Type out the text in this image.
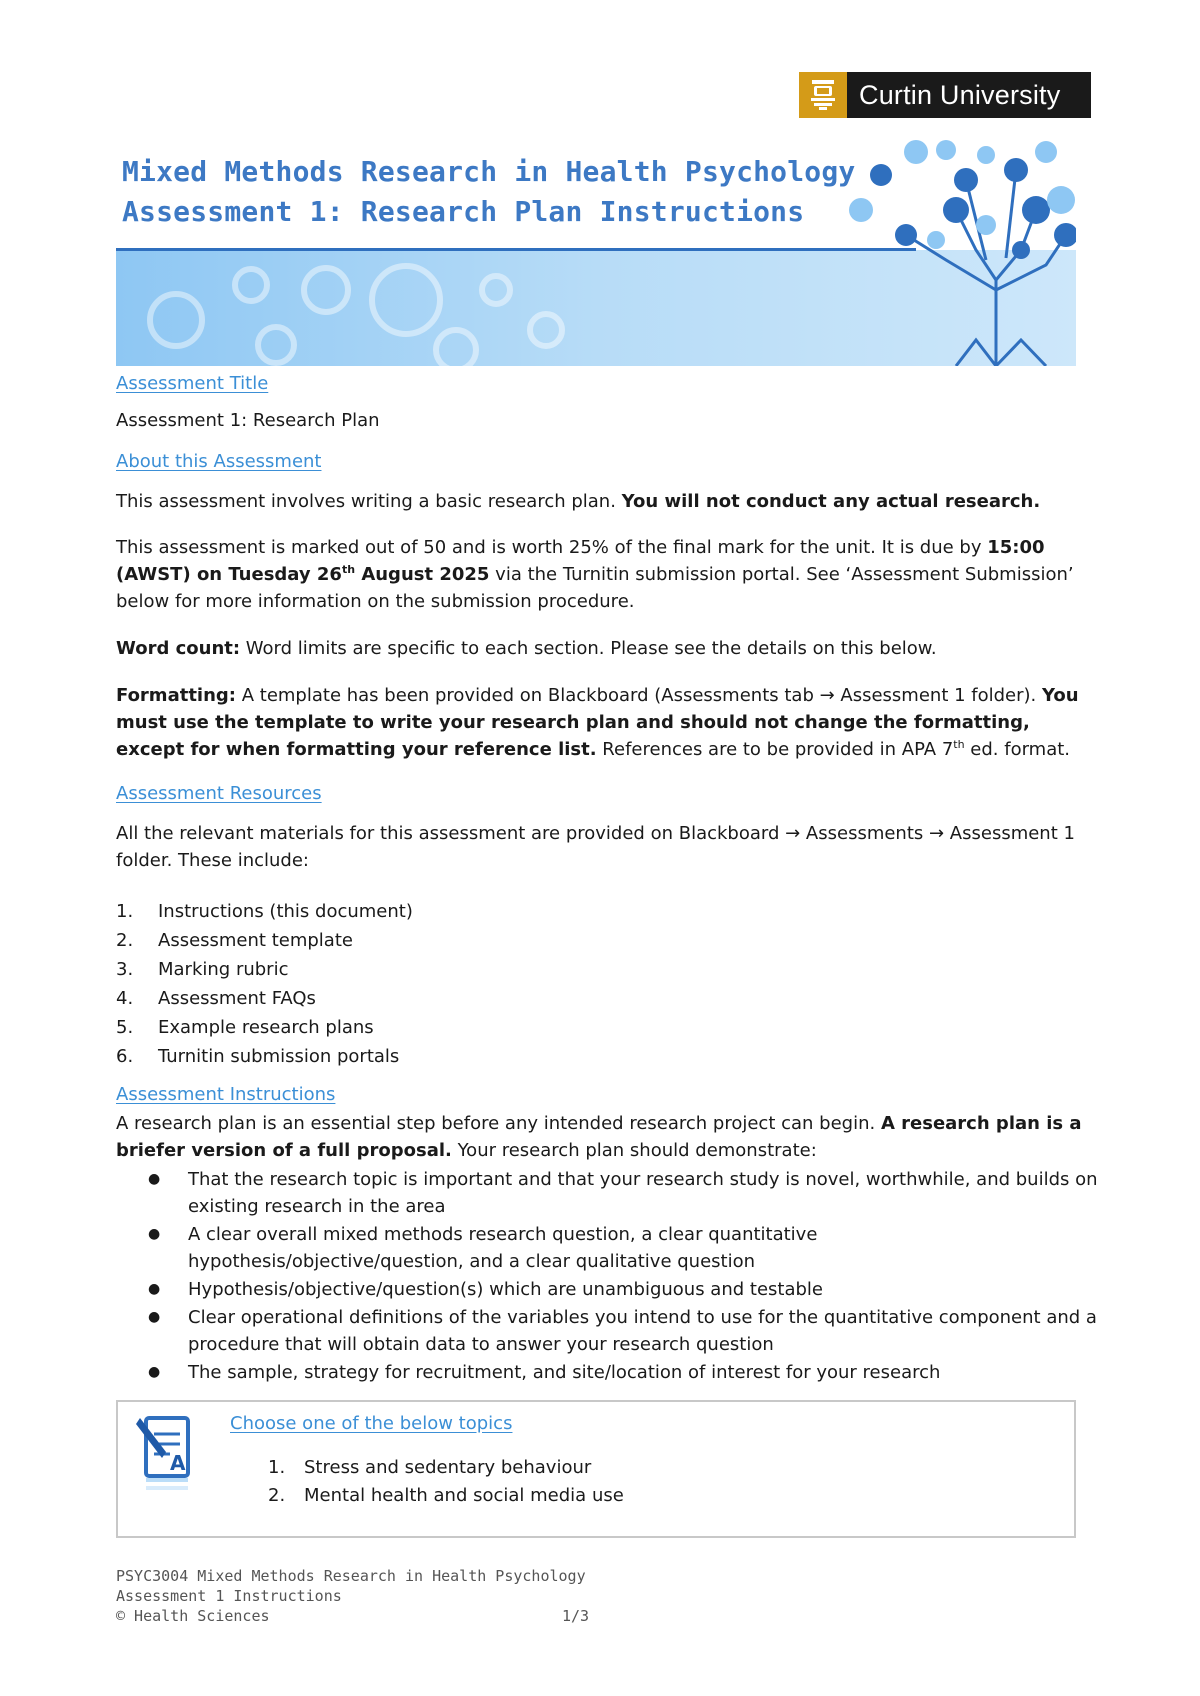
Curtin University
Mixed Methods Research in Health Psychology
Assessment 1: Research Plan Instructions
Assessment Title
Assessment 1: Research Plan
About this Assessment
This assessment involves writing a basic research plan. You will not conduct any actual research.
This assessment is marked out of 50 and is worth 25% of the final mark for the unit. It is due by 15:00 (AWST) on Tuesday 26th August 2025 via the Turnitin submission portal. See ‘Assessment Submission’ below for more information on the submission procedure.
Word count: Word limits are specific to each section. Please see the details on this below.
Formatting: A template has been provided on Blackboard (Assessments tab → Assessment 1 folder). You must use the template to write your research plan and should not change the formatting, except for when formatting your reference list. References are to be provided in APA 7th ed. format.
Assessment Resources
All the relevant materials for this assessment are provided on Blackboard → Assessments → Assessment 1 folder. These include:
1.	Instructions (this document)
2.	Assessment template
3.	Marking rubric
4.	Assessment FAQs
5.	Example research plans
6.	Turnitin submission portals
Assessment Instructions
A research plan is an essential step before any intended research project can begin. A research plan is a briefer version of a full proposal. Your research plan should demonstrate:
●	That the research topic is important and that your research study is novel, worthwhile, and builds on existing research in the area
●	A clear overall mixed methods research question, a clear quantitative hypothesis/objective/question, and a clear qualitative question
●	Hypothesis/objective/question(s) which are unambiguous and testable
●	Clear operational definitions of the variables you intend to use for the quantitative component and a procedure that will obtain data to answer your research question
●	The sample, strategy for recruitment, and site/location of interest for your research
A
Choose one of the below topics
1.	Stress and sedentary behaviour
2.	Mental health and social media use
PSYC3004 Mixed Methods Research in Health Psychology
Assessment 1 Instructions
© Health Sciences	1/3
